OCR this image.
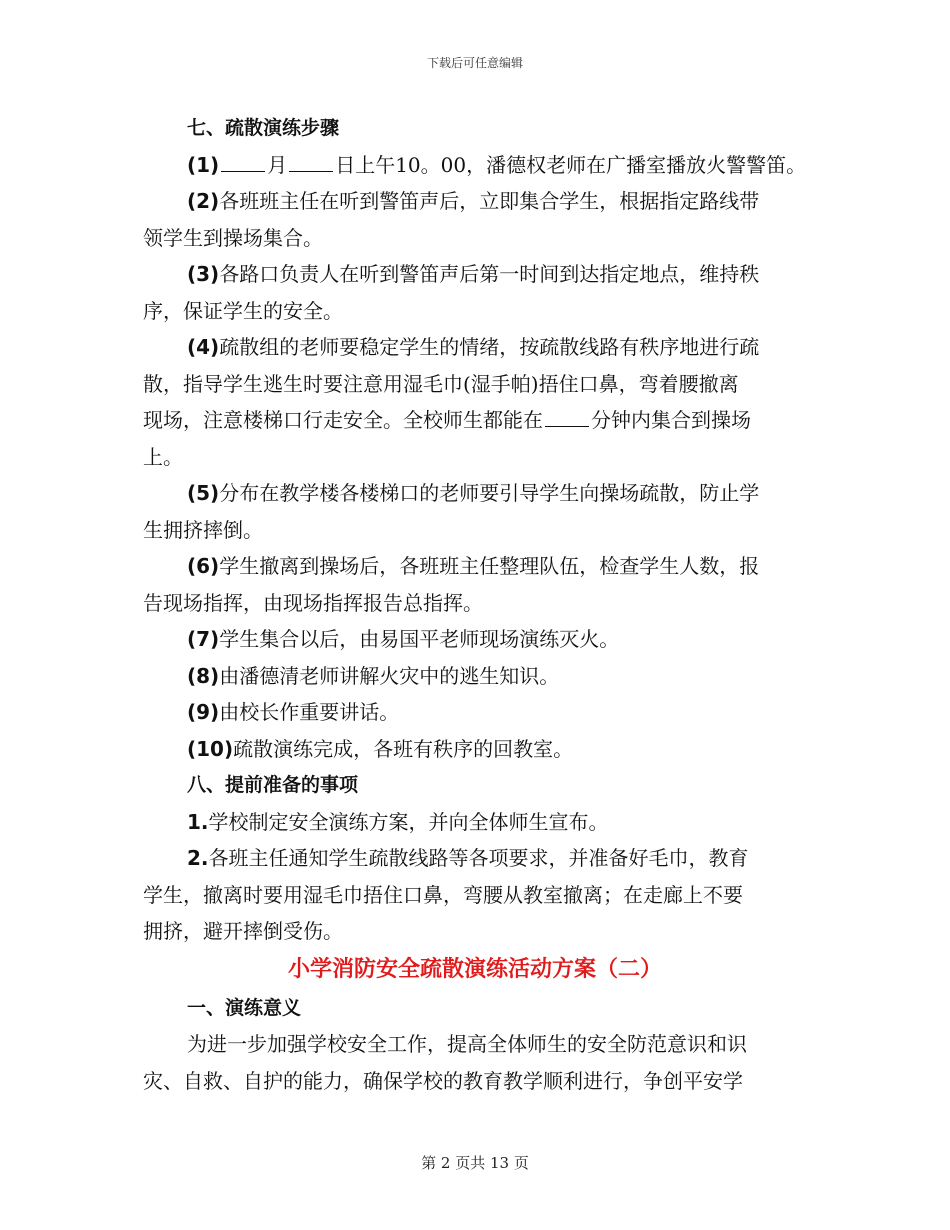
下载后可任意编辑
七、疏散演练步骤
(1) 月 日上午10。00，潘德权老师在广播室播放火警警笛。
(2)各班班主任在听到警笛声后，立即集合学生，根据指定路线带
领学生到操场集合。
(3)各路口负责人在听到警笛声后第一时间到达指定地点，维持秩
序，保证学生的安全。
(4)疏散组的老师要稳定学生的情绪，按疏散线路有秩序地进行疏
散，指导学生逃生时要注意用湿毛巾(湿手帕)捂住口鼻，弯着腰撤离
现场，注意楼梯口行走安全。全校师生都能在 分钟内集合到操场
上。
(5)分布在教学楼各楼梯口的老师要引导学生向操场疏散，防止学
生拥挤摔倒。
(6)学生撤离到操场后，各班班主任整理队伍，检查学生人数，报
告现场指挥，由现场指挥报告总指挥。
(7)学生集合以后，由易国平老师现场演练灭火。
(8)由潘德清老师讲解火灾中的逃生知识。
(9)由校长作重要讲话。
(10)疏散演练完成，各班有秩序的回教室。
八、提前准备的事项
1.学校制定安全演练方案，并向全体师生宣布。
2.各班主任通知学生疏散线路等各项要求，并准备好毛巾，教育
学生，撤离时要用湿毛巾捂住口鼻，弯腰从教室撤离；在走廊上不要
拥挤，避开摔倒受伤。
小学消防安全疏散演练活动方案（二）
一、演练意义
为进一步加强学校安全工作，提高全体师生的安全防范意识和识
灾、自救、自护的能力，确保学校的教育教学顺利进行，争创平安学
第 2 页共 13 页
